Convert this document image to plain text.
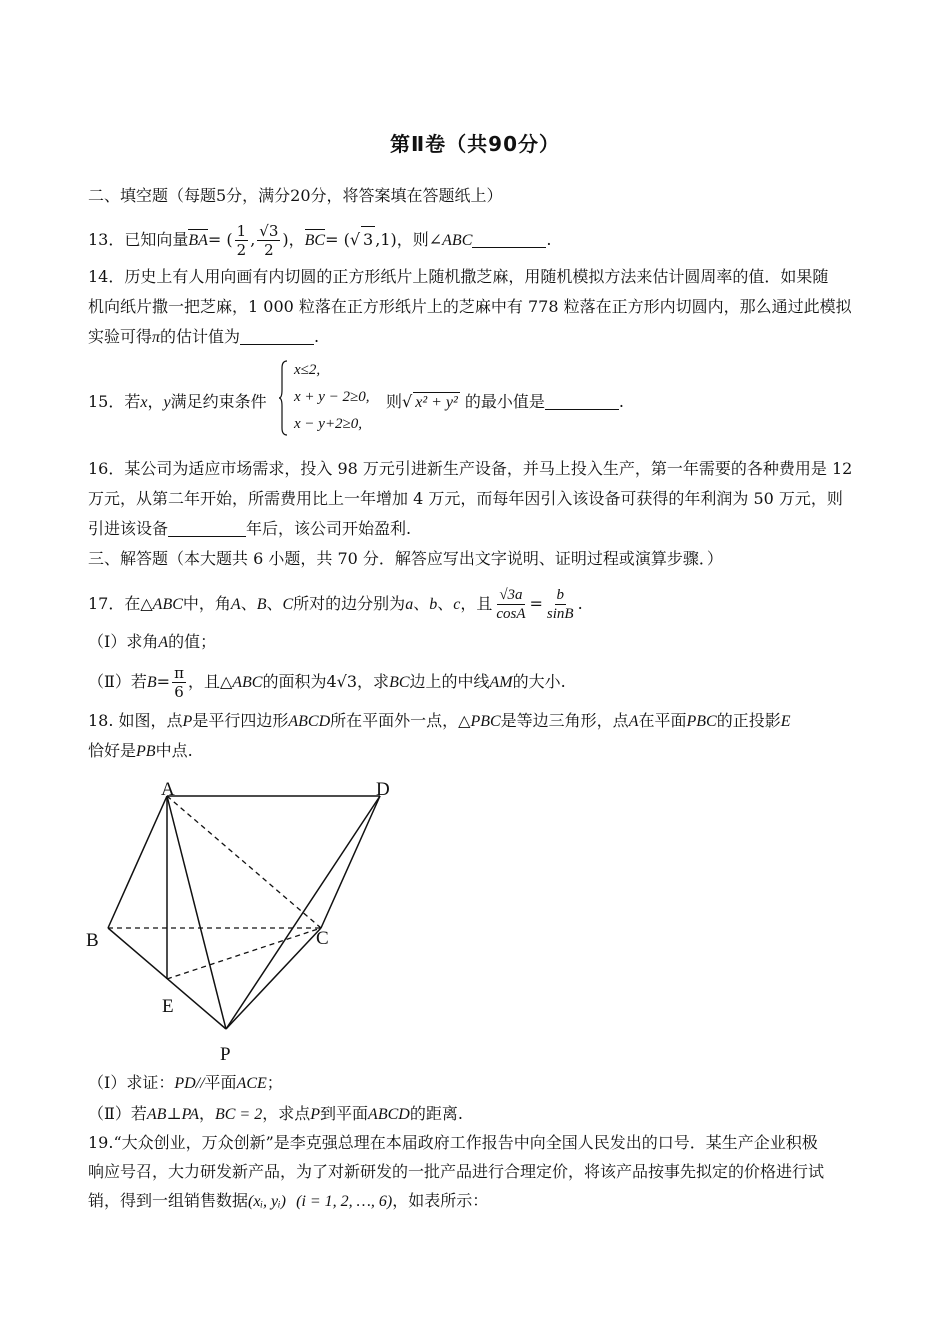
第Ⅱ卷（共90分）
二、填空题（每题5分，满分20分，将答案填在答题纸上）
13．已知向量BA= ( $\frac{1}{2}$ , $\frac{√3}{2}$ )，BC= (√ 3 ,1)，则∠ABC	.
14．历史上有人用向画有内切圆的正方形纸片上随机撒芝麻，用随机模拟方法来估计圆周率的值．如果随
机向纸片撒一把芝麻，1 000 粒落在正方形纸片上的芝麻中有 778 粒落在正方形内切圆内，那么通过此模拟
实验可得π的估计值为	.
15．若x，y满足约束条件
x≤2,
x + y − 2≥0,
x − y+2≥0,
则√ x² + y² 的最小值是	.
16．某公司为适应市场需求，投入 98 万元引进新生产设备，并马上投入生产，第一年需要的各种费用是 12
万元，从第二年开始，所需费用比上一年增加 4 万元，而每年因引入该设备可获得的年利润为 50 万元，则
引进该设备	年后，该公司开始盈利.
三、解答题（本大题共 6 小题，共 70 分．解答应写出文字说明、证明过程或演算步骤．）
17．在△ABC中，角A、B、C所对的边分别为a、b、c，且 $\frac{√3a}{\cos A} = \frac{b}{\sin B}$ .
（Ⅰ）求角A的值；
（Ⅱ）若$B= \frac{\pi}{6}$ ，且△ABC的面积为4√3，求BC边上的中线AM的大小.
18. 如图，点P是平行四边形ABCD所在平面外一点，△PBC是等边三角形，点A在平面PBC的正投影E
恰好是PB中点.
A	D
B	C
E
P
（Ⅰ）求证：PD//平面ACE；
（Ⅱ）若AB⊥PA，BC = 2，求点P到平面ABCD的距离.
19.“大众创业，万众创新”是李克强总理在本届政府工作报告中向全国人民发出的口号．某生产企业积极
响应号召，大力研发新产品，为了对新研发的一批产品进行合理定价，将该产品按事先拟定的价格进行试
销，得到一组销售数据(xᵢ, yᵢ) (i = 1, 2, …, 6)，如表所示：
